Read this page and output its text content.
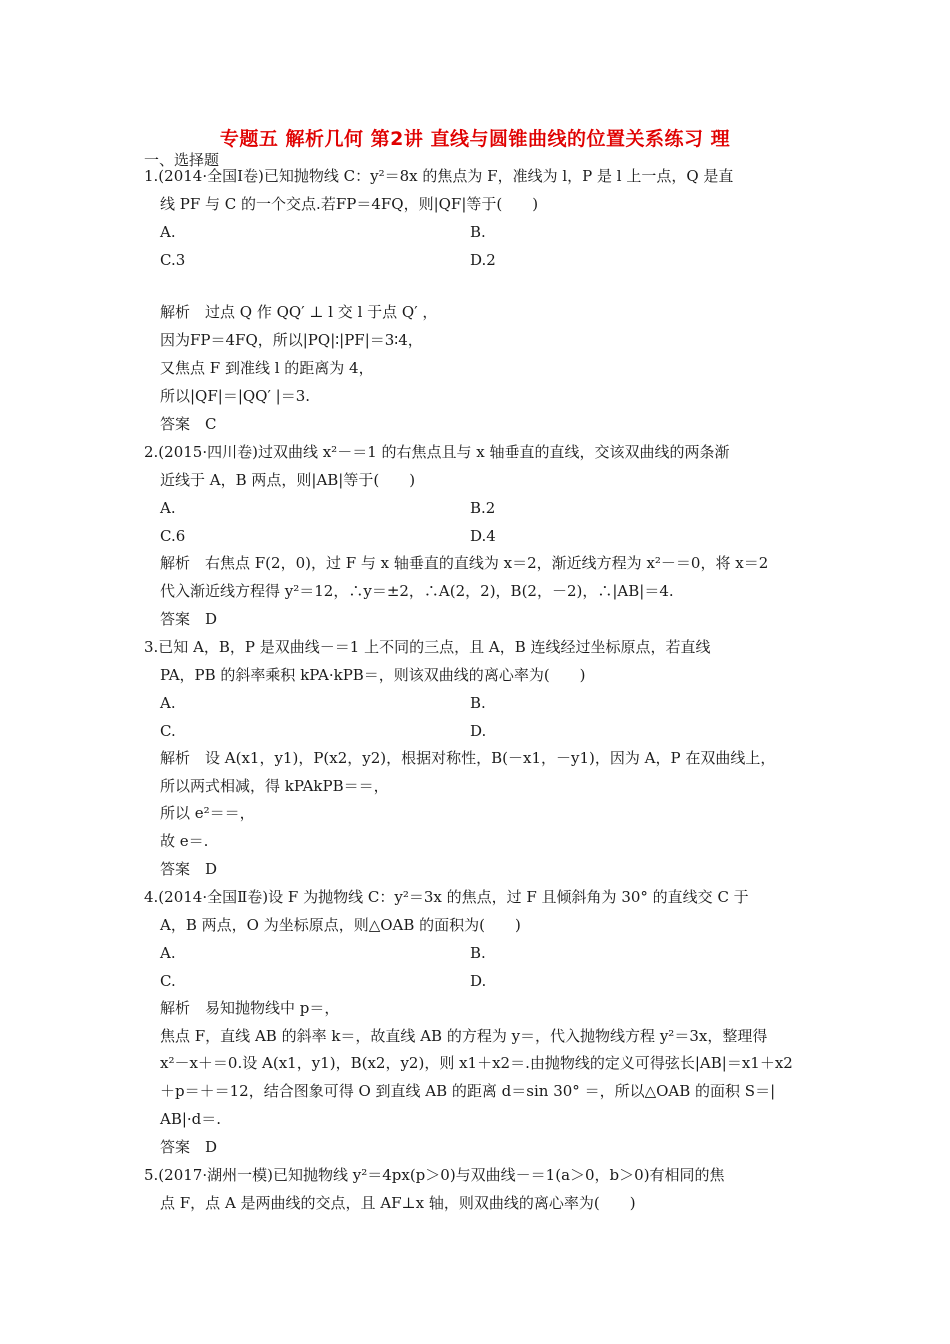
专题五 解析几何 第2讲 直线与圆锥曲线的位置关系练习 理
一、选择题
1.(2014·全国Ⅰ卷)已知抛物线 C：y²＝8x 的焦点为 F，准线为 l，P 是 l 上一点，Q 是直
线 PF 与 C 的一个交点.若FP＝4FQ，则|QF|等于(　　)
A.	B.
C.3	D.2
解析　过点 Q 作 QQ′ ⊥ l 交 l 于点 Q′ ，
因为FP＝4FQ，所以|PQ|∶|PF|＝3∶4，
又焦点 F 到准线 l 的距离为 4，
所以|QF|＝|QQ′ |＝3.
答案　C
2.(2015·四川卷)过双曲线 x²－＝1 的右焦点且与 x 轴垂直的直线，交该双曲线的两条渐
近线于 A，B 两点，则|AB|等于(　　)
A.	B.2
C.6	D.4
解析　右焦点 F(2，0)，过 F 与 x 轴垂直的直线为 x＝2，渐近线方程为 x²－＝0，将 x＝2
代入渐近线方程得 y²＝12，∴y＝±2，∴A(2，2)，B(2，－2)，∴|AB|＝4.
答案　D
3.已知 A，B，P 是双曲线－＝1 上不同的三点，且 A，B 连线经过坐标原点，若直线
PA，PB 的斜率乘积 kPA·kPB＝，则该双曲线的离心率为(　　)
A.	B.
C.	D.
解析　设 A(x1，y1)，P(x2，y2)，根据对称性，B(－x1，－y1)，因为 A，P 在双曲线上，
所以两式相减，得 kPAkPB＝＝，
所以 e²＝＝，
故 e＝.
答案　D
4.(2014·全国Ⅱ卷)设 F 为抛物线 C：y²＝3x 的焦点，过 F 且倾斜角为 30° 的直线交 C 于
A，B 两点，O 为坐标原点，则△OAB 的面积为(　　)
A.	B.
C.	D.
解析　易知抛物线中 p＝，
焦点 F，直线 AB 的斜率 k＝，故直线 AB 的方程为 y＝，代入抛物线方程 y²＝3x，整理得
x²－x＋＝0.设 A(x1，y1)，B(x2，y2)，则 x1＋x2＝.由抛物线的定义可得弦长|AB|＝x1＋x2
＋p＝＋＝12，结合图象可得 O 到直线 AB 的距离 d＝sin 30° ＝，所以△OAB 的面积 S＝|
AB|·d＝.
答案　D
5.(2017·湖州一模)已知抛物线 y²＝4px(p＞0)与双曲线－＝1(a＞0，b＞0)有相同的焦
点 F，点 A 是两曲线的交点，且 AF⊥x 轴，则双曲线的离心率为(　　)
